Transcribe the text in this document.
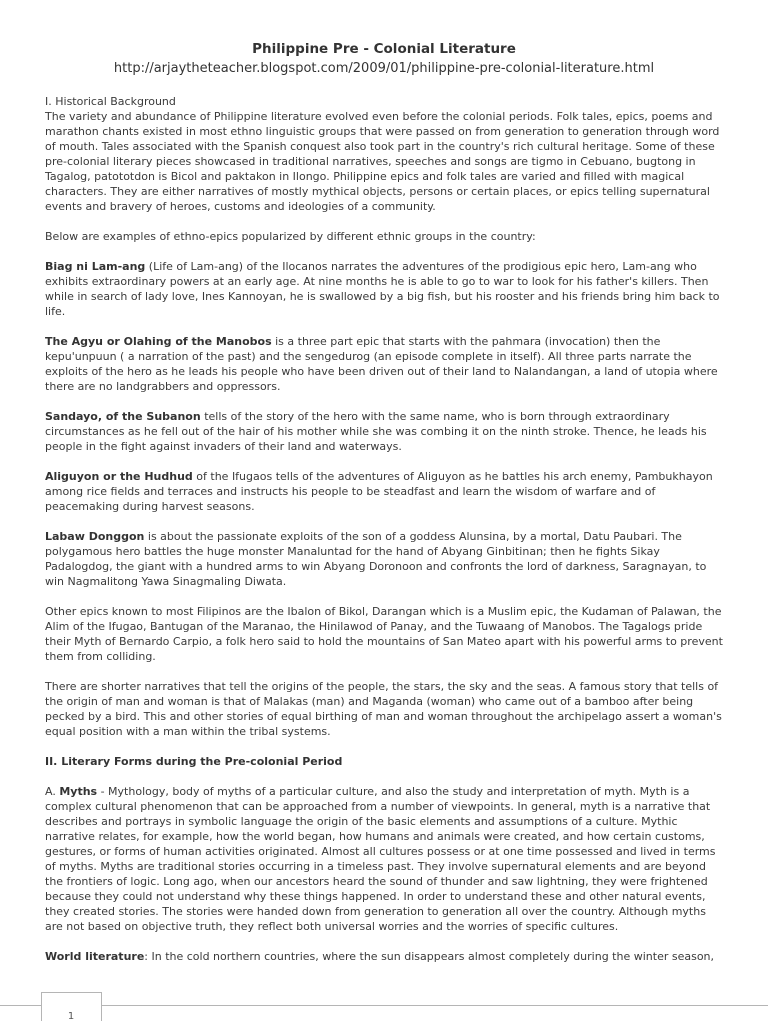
Philippine Pre - Colonial Literature
http://arjaytheteacher.blogspot.com/2009/01/philippine-pre-colonial-literature.html

I. Historical Background

The variety and abundance of Philippine literature evolved even before the colonial periods. Folk tales, epics, poems and marathon chants existed in most ethno linguistic groups that were passed on from generation to generation through word of mouth. Tales associated with the Spanish conquest also took part in the country's rich cultural heritage. Some of these pre-colonial literary pieces showcased in traditional narratives, speeches and songs are tigmo in Cebuano, bugtong in Tagalog, patototdon is Bicol and paktakon in Ilongo. Philippine epics and folk tales are varied and filled with magical characters. They are either narratives of mostly mythical objects, persons or certain places, or epics telling supernatural events and bravery of heroes, customs and ideologies of a community.

Below are examples of ethno-epics popularized by different ethnic groups in the country:

Biag ni Lam-ang (Life of Lam-ang) of the Ilocanos narrates the adventures of the prodigious epic hero, Lam-ang who exhibits extraordinary powers at an early age. At nine months he is able to go to war to look for his father's killers. Then while in search of lady love, Ines Kannoyan, he is swallowed by a big fish, but his rooster and his friends bring him back to life.

The Agyu or Olahing of the Manobos is a three part epic that starts with the pahmara (invocation) then the kepu'unpuun ( a narration of the past) and the sengedurog (an episode complete in itself). All three parts narrate the exploits of the hero as he leads his people who have been driven out of their land to Nalandangan, a land of utopia where there are no landgrabbers and oppressors.

Sandayo, of the Subanon tells of the story of the hero with the same name, who is born through extraordinary circumstances as he fell out of the hair of his mother while she was combing it on the ninth stroke. Thence, he leads his people in the fight against invaders of their land and waterways.

Aliguyon or the Hudhud of the Ifugaos tells of the adventures of Aliguyon as he battles his arch enemy, Pambukhayon among rice fields and terraces and instructs his people to be steadfast and learn the wisdom of warfare and of peacemaking during harvest seasons.

Labaw Donggon is about the passionate exploits of the son of a goddess Alunsina, by a mortal, Datu Paubari. The polygamous hero battles the huge monster Manaluntad for the hand of Abyang Ginbitinan; then he fights Sikay Padalogdog, the giant with a hundred arms to win Abyang Doronoon and confronts the lord of darkness, Saragnayan, to win Nagmalitong Yawa Sinagmaling Diwata.

Other epics known to most Filipinos are the Ibalon of Bikol, Darangan which is a Muslim epic, the Kudaman of Palawan, the Alim of the Ifugao, Bantugan of the Maranao, the Hinilawod of Panay, and the Tuwaang of Manobos. The Tagalogs pride their Myth of Bernardo Carpio, a folk hero said to hold the mountains of San Mateo apart with his powerful arms to prevent them from colliding.

There are shorter narratives that tell the origins of the people, the stars, the sky and the seas. A famous story that tells of the origin of man and woman is that of Malakas (man) and Maganda (woman) who came out of a bamboo after being pecked by a bird. This and other stories of equal birthing of man and woman throughout the archipelago assert a woman's equal position with a man within the tribal systems.

II. Literary Forms during the Pre-colonial Period

A. Myths - Mythology, body of myths of a particular culture, and also the study and interpretation of myth. Myth is a complex cultural phenomenon that can be approached from a number of viewpoints. In general, myth is a narrative that describes and portrays in symbolic language the origin of the basic elements and assumptions of a culture. Mythic narrative relates, for example, how the world began, how humans and animals were created, and how certain customs, gestures, or forms of human activities originated. Almost all cultures possess or at one time possessed and lived in terms of myths. Myths are traditional stories occurring in a timeless past. They involve supernatural elements and are beyond the frontiers of logic. Long ago, when our ancestors heard the sound of thunder and saw lightning, they were frightened because they could not understand why these things happened. In order to understand these and other natural events, they created stories. The stories were handed down from generation to generation all over the country. Although myths are not based on objective truth, they reflect both universal worries and the worries of specific cultures.

World literature: In the cold northern countries, where the sun disappears almost completely during the winter season,

1
